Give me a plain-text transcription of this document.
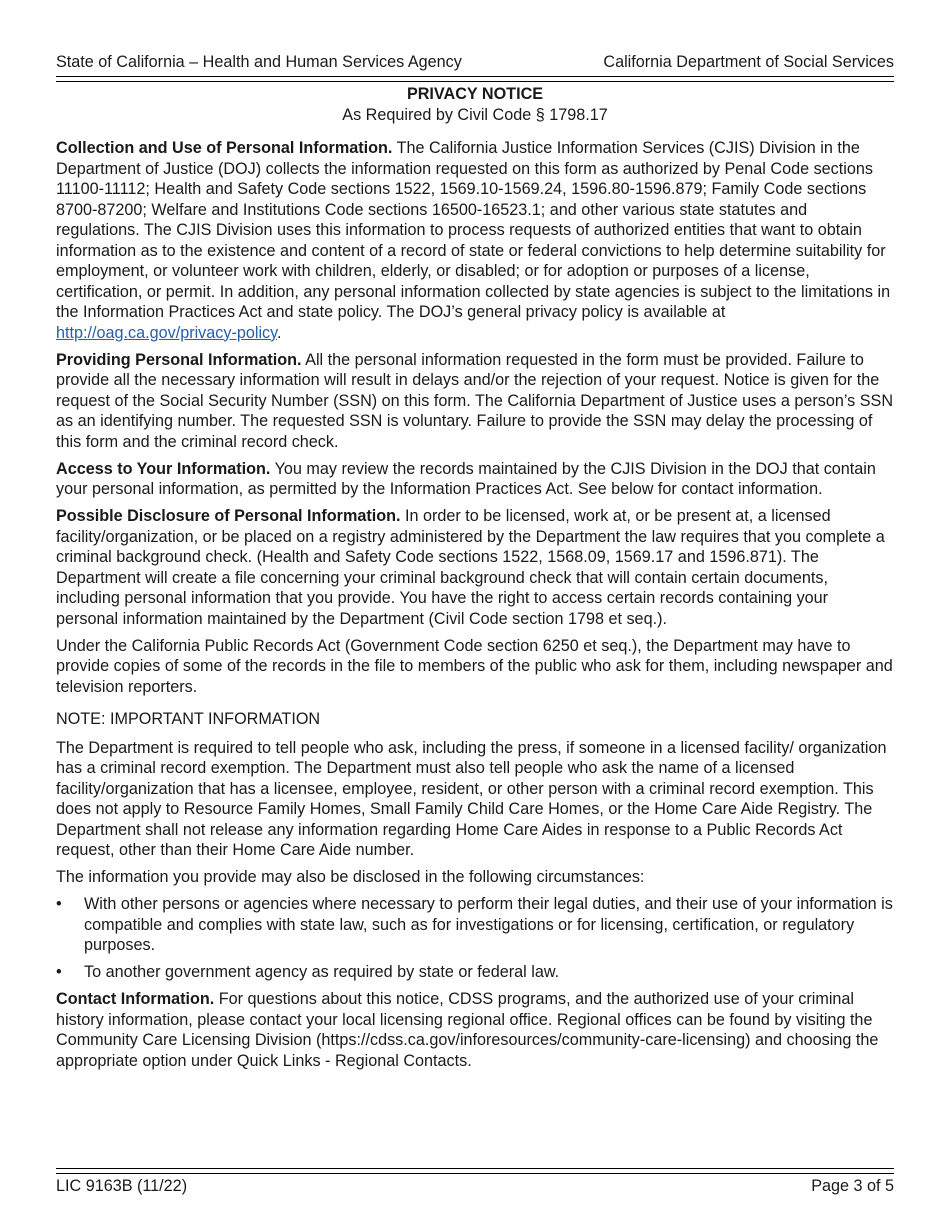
State of California – Health and Human Services Agency	California Department of Social Services
PRIVACY NOTICE
As Required by Civil Code § 1798.17

Collection and Use of Personal Information. The California Justice Information Services (CJIS) Division in the Department of Justice (DOJ) collects the information requested on this form as authorized by Penal Code sections 11100-11112; Health and Safety Code sections 1522, 1569.10-1569.24, 1596.80-1596.879; Family Code sections 8700-87200; Welfare and Institutions Code sections 16500-16523.1; and other various state statutes and regulations. The CJIS Division uses this information to process requests of authorized entities that want to obtain information as to the existence and content of a record of state or federal convictions to help determine suitability for employment, or volunteer work with children, elderly, or disabled; or for adoption or purposes of a license, certification, or permit. In addition, any personal information collected by state agencies is subject to the limitations in the Information Practices Act and state policy. The DOJ’s general privacy policy is available at http://oag.ca.gov/privacy-policy.

Providing Personal Information. All the personal information requested in the form must be provided. Failure to provide all the necessary information will result in delays and/or the rejection of your request. Notice is given for the request of the Social Security Number (SSN) on this form. The California Department of Justice uses a person’s SSN as an identifying number. The requested SSN is voluntary. Failure to provide the SSN may delay the processing of this form and the criminal record check.

Access to Your Information. You may review the records maintained by the CJIS Division in the DOJ that contain your personal information, as permitted by the Information Practices Act. See below for contact information.

Possible Disclosure of Personal Information. In order to be licensed, work at, or be present at, a licensed facility/organization, or be placed on a registry administered by the Department the law requires that you complete a criminal background check. (Health and Safety Code sections 1522, 1568.09, 1569.17 and 1596.871). The Department will create a file concerning your criminal background check that will contain certain documents, including personal information that you provide. You have the right to access certain records containing your personal information maintained by the Department (Civil Code section 1798 et seq.).

Under the California Public Records Act (Government Code section 6250 et seq.), the Department may have to provide copies of some of the records in the file to members of the public who ask for them, including newspaper and television reporters.

NOTE: IMPORTANT INFORMATION

The Department is required to tell people who ask, including the press, if someone in a licensed facility/ organization has a criminal record exemption. The Department must also tell people who ask the name of a licensed facility/organization that has a licensee, employee, resident, or other person with a criminal record exemption. This does not apply to Resource Family Homes, Small Family Child Care Homes, or the Home Care Aide Registry. The Department shall not release any information regarding Home Care Aides in response to a Public Records Act request, other than their Home Care Aide number.

The information you provide may also be disclosed in the following circumstances:

• With other persons or agencies where necessary to perform their legal duties, and their use of your information is compatible and complies with state law, such as for investigations or for licensing, certification, or regulatory purposes.
• To another government agency as required by state or federal law.

Contact Information. For questions about this notice, CDSS programs, and the authorized use of your criminal history information, please contact your local licensing regional office. Regional offices can be found by visiting the Community Care Licensing Division (https://cdss.ca.gov/inforesources/community-care-licensing) and choosing the appropriate option under Quick Links - Regional Contacts.

LIC 9163B (11/22)	Page 3 of 5
